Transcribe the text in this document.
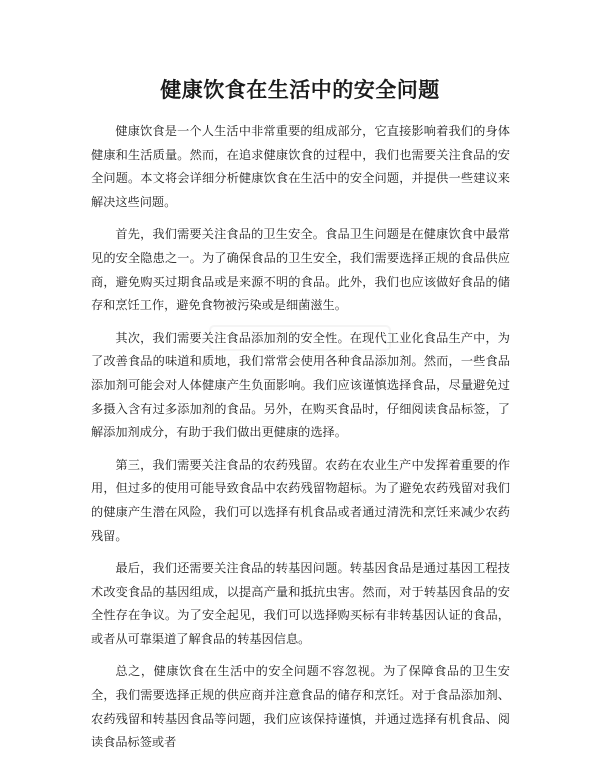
健康饮食在生活中的安全问题

健康饮食是一个人生活中非常重要的组成部分，它直接影响着我们的身体健康和生活质量。然而，在追求健康饮食的过程中，我们也需要关注食品的安全问题。本文将会详细分析健康饮食在生活中的安全问题，并提供一些建议来解决这些问题。

首先，我们需要关注食品的卫生安全。食品卫生问题是在健康饮食中最常见的安全隐患之一。为了确保食品的卫生安全，我们需要选择正规的食品供应商，避免购买过期食品或是来源不明的食品。此外，我们也应该做好食品的储存和烹饪工作，避免食物被污染或是细菌滋生。

其次，我们需要关注食品添加剂的安全性。在现代工业化食品生产中，为了改善食品的味道和质地，我们常常会使用各种食品添加剂。然而，一些食品添加剂可能会对人体健康产生负面影响。我们应该谨慎选择食品，尽量避免过多摄入含有过多添加剂的食品。另外，在购买食品时，仔细阅读食品标签，了解添加剂成分，有助于我们做出更健康的选择。

第三，我们需要关注食品的农药残留。农药在农业生产中发挥着重要的作用，但过多的使用可能导致食品中农药残留物超标。为了避免农药残留对我们的健康产生潜在风险，我们可以选择有机食品或者通过清洗和烹饪来减少农药残留。

最后，我们还需要关注食品的转基因问题。转基因食品是通过基因工程技术改变食品的基因组成，以提高产量和抵抗虫害。然而，对于转基因食品的安全性存在争议。为了安全起见，我们可以选择购买标有非转基因认证的食品，或者从可靠渠道了解食品的转基因信息。

总之，健康饮食在生活中的安全问题不容忽视。为了保障食品的卫生安全，我们需要选择正规的供应商并注意食品的储存和烹饪。对于食品添加剂、农药残留和转基因食品等问题，我们应该保持谨慎，并通过选择有机食品、阅读食品标签或者
